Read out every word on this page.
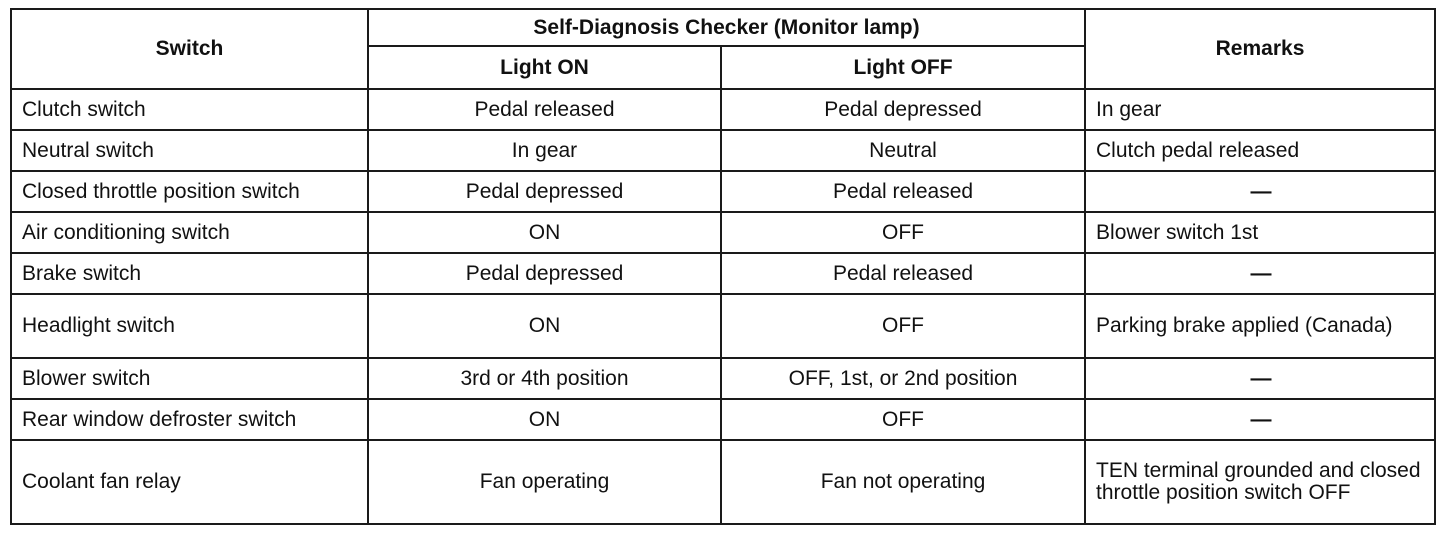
Switch	Self-Diagnosis Checker (Monitor lamp)		Remarks
	Light ON	Light OFF	
Clutch switch	Pedal released	Pedal depressed	In gear
Neutral switch	In gear	Neutral	Clutch pedal released
Closed throttle position switch	Pedal depressed	Pedal released	—

Air conditioning switch	ON	OFF	Blower switch 1st
Brake switch	Pedal depressed	Pedal released	—

Headlight switch	ON	OFF	Parking brake applied (Canada)
Blower switch	3rd or 4th position	OFF, 1st, or 2nd position	—

Rear window defroster switch	ON	OFF	—

Coolant fan relay	Fan operating	Fan not operating	TEN terminal grounded and closed throttle position switch OFF
